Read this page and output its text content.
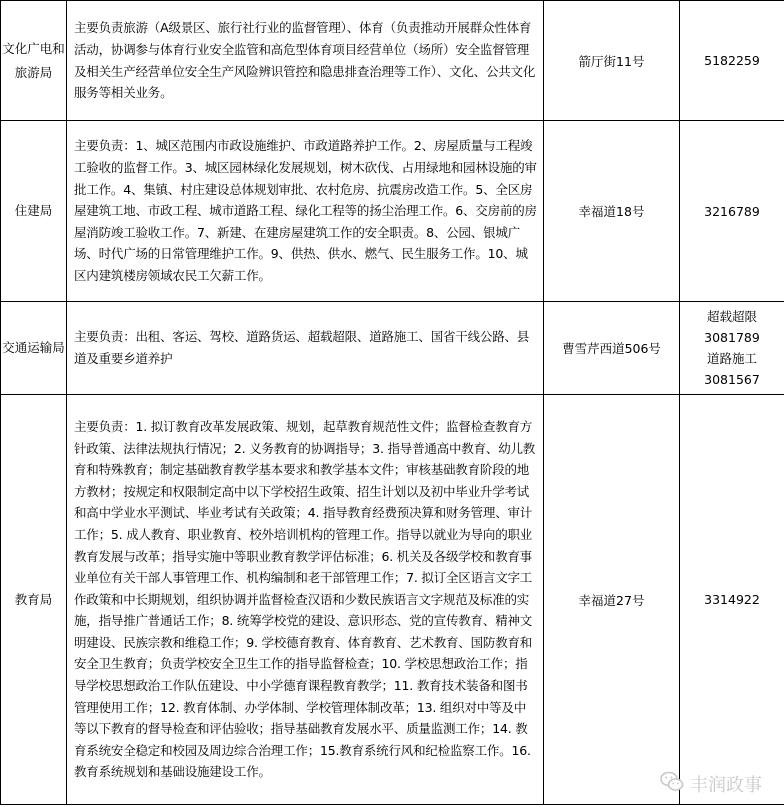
文化广电和旅游局	主要负责旅游（A级景区、旅行社行业的监督管理）、体育（负责推动开展群众性体育活动，协调参与体育行业安全监管和高危型体育项目经营单位（场所）安全监督管理及相关生产经营单位安全生产风险辨识管控和隐患排查治理等工作）、文化、公共文化服务等相关业务。	箭厅街11号	5182259

住建局	主要负责：1、城区范围内市政设施维护、市政道路养护工作。2、房屋质量与工程竣工验收的监督工作。3、城区园林绿化发展规划，树木砍伐、占用绿地和园林设施的审批工作。4、集镇、村庄建设总体规划审批、农村危房、抗震房改造工作。5、全区房屋建筑工地、市政工程、城市道路工程、绿化工程等的扬尘治理工作。6、交房前的房屋消防竣工验收工作。7、新建、在建房屋建筑工作的安全职责。8、公园、银城广场、时代广场的日常管理维护工作。9、供热、供水、燃气、民生服务工作。10、城区内建筑楼房领域农民工欠薪工作。	幸福道18号	3216789

交通运输局	主要负责：出租、客运、驾校、道路货运、超载超限、道路施工、国省干线公路、县道及重要乡道养护	曹雪芹西道506号	超载超限
3081789
道路施工
3081567

教育局	主要负责：1. 拟订教育改革发展政策、规划，起草教育规范性文件；监督检查教育方针政策、法律法规执行情况；2. 义务教育的协调指导；3. 指导普通高中教育、幼儿教育和特殊教育；制定基础教育教学基本要求和教学基本文件；审核基础教育阶段的地方教材；按规定和权限制定高中以下学校招生政策、招生计划以及初中毕业升学考试和高中学业水平测试、毕业考试有关政策；4. 指导教育经费预决算和财务管理、审计工作；5. 成人教育、职业教育、校外培训机构的管理工作。指导以就业为导向的职业教育发展与改革；指导实施中等职业教育教学评估标准；6. 机关及各级学校和教育事业单位有关干部人事管理工作、机构编制和老干部管理工作；7. 拟订全区语言文字工作政策和中长期规划，组织协调并监督检查汉语和少数民族语言文字规范及标准的实施，指导推广普通话工作；8. 统筹学校党的建设、意识形态、党的宣传教育、精神文明建设、民族宗教和维稳工作；9. 学校德育教育、体育教育、艺术教育、国防教育和安全卫生教育；负责学校安全卫生工作的指导监督检查；10. 学校思想政治工作；指导学校思想政治工作队伍建设、中小学德育课程教育教学；11. 教育技术装备和图书管理使用工作；12. 教育体制、办学体制、学校管理体制改革；13. 组织对中等及中等以下教育的督导检查和评估验收；指导基础教育发展水平、质量监测工作；14. 教育系统安全稳定和校园及周边综合治理工作；15.教育系统行风和纪检监察工作。16.教育系统规划和基础设施建设工作。	幸福道27号	3314922
丰润政事
